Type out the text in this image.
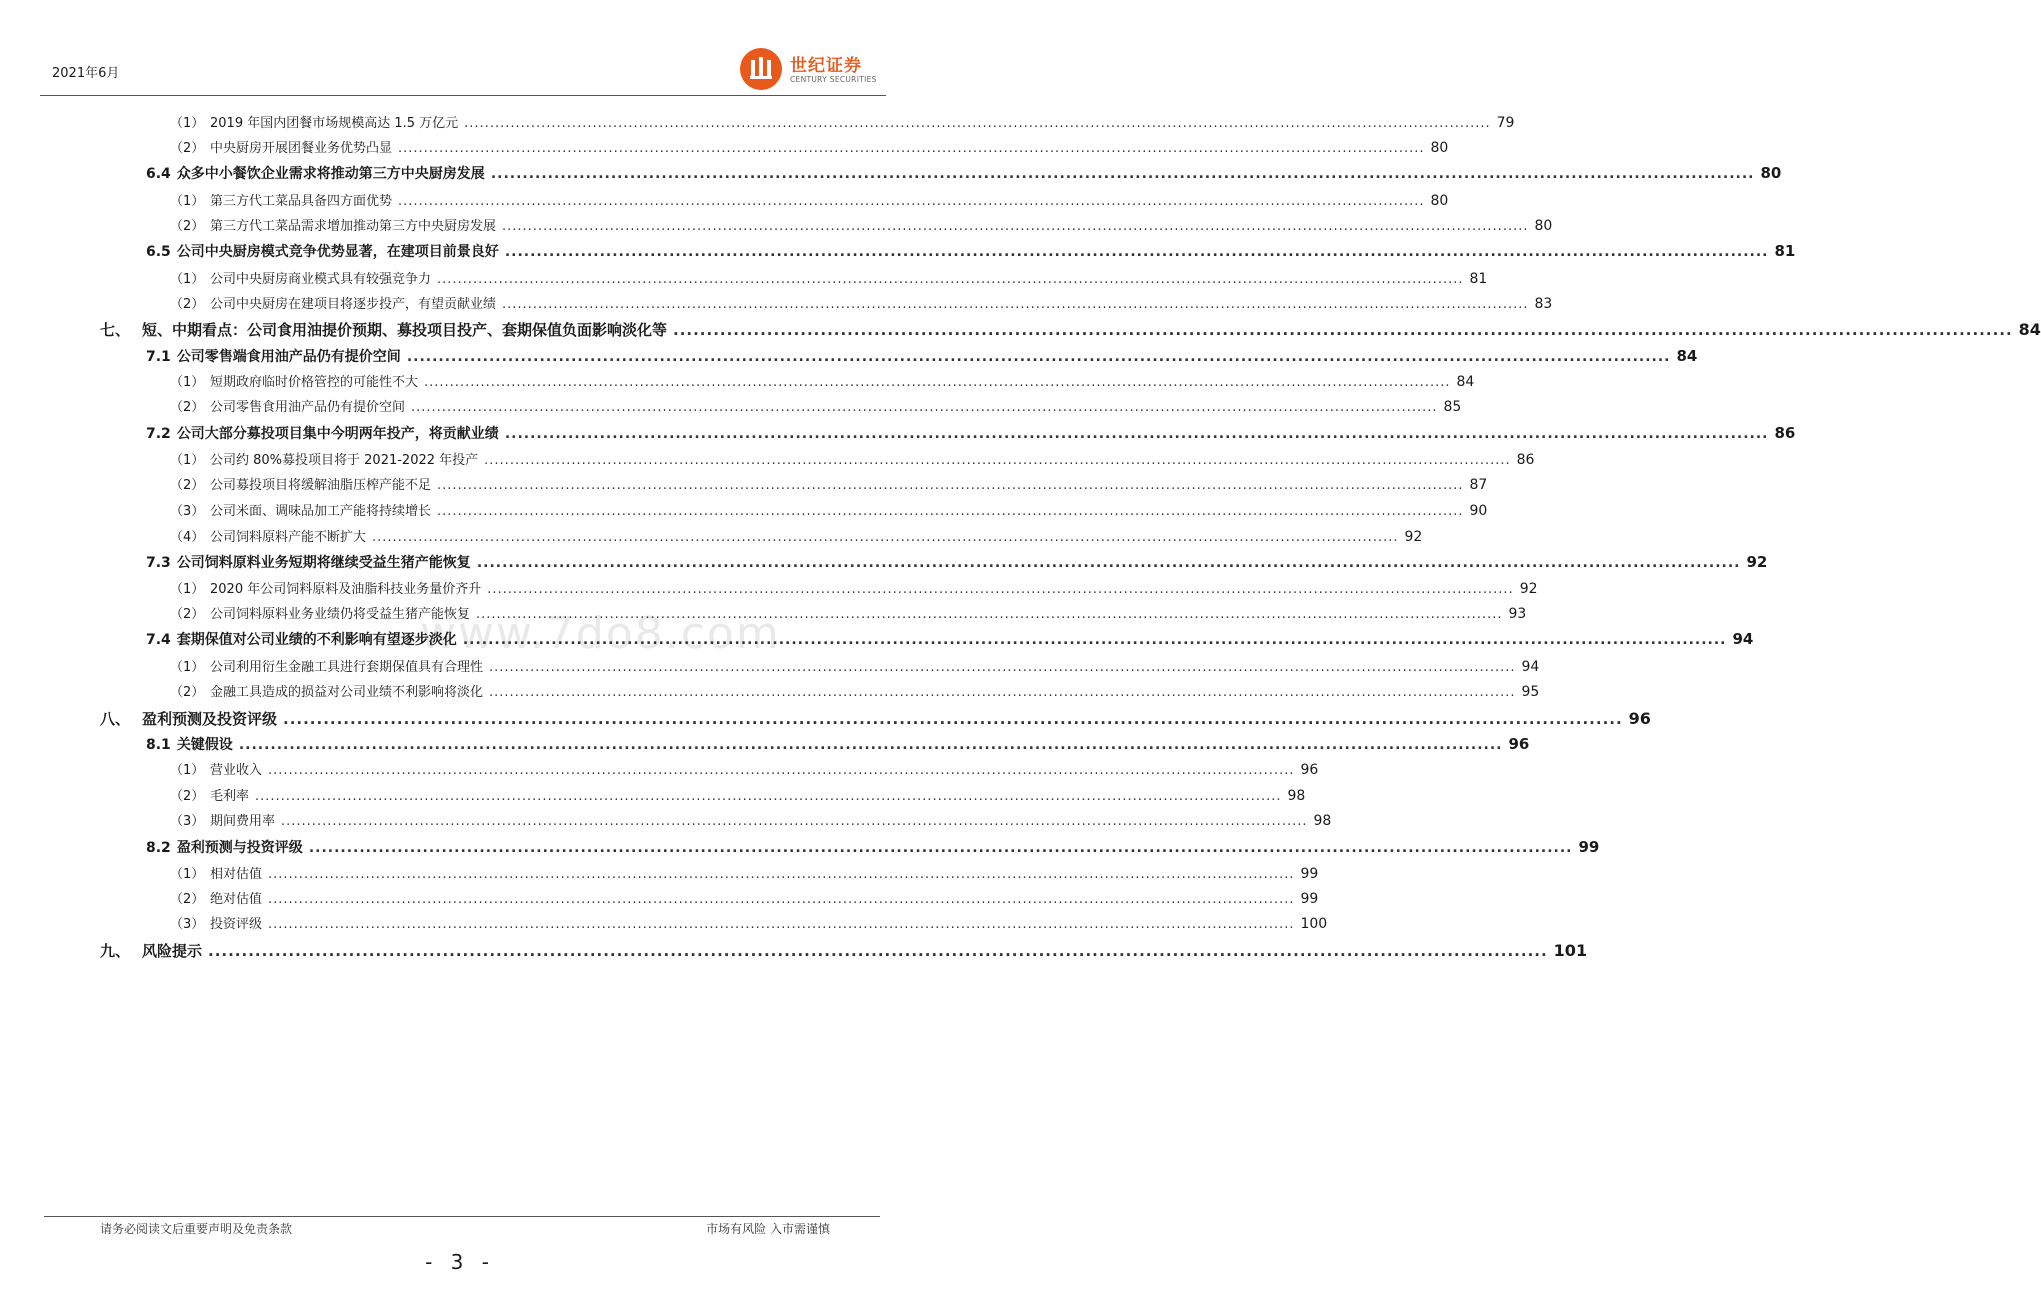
2021年6月	世纪证券
CENTURY SECURITIES
www.7do8.com
（1） 2019 年国内团餐市场规模高达 1.5 万亿元 ........................................................................................................................................................................................................ 79
（2） 中央厨房开展团餐业务优势凸显 ........................................................................................................................................................................................................ 80
6.4 众多中小餐饮企业需求将推动第三方中央厨房发展 ........................................................................................................................................................................................................ 80
（1） 第三方代工菜品具备四方面优势 ........................................................................................................................................................................................................ 80
（2） 第三方代工菜品需求增加推动第三方中央厨房发展 ........................................................................................................................................................................................................ 80
6.5 公司中央厨房模式竞争优势显著，在建项目前景良好 ........................................................................................................................................................................................................ 81
（1） 公司中央厨房商业模式具有较强竞争力 ........................................................................................................................................................................................................ 81
（2） 公司中央厨房在建项目将逐步投产，有望贡献业绩 ........................................................................................................................................................................................................ 83
七、 短、中期看点：公司食用油提价预期、募投项目投产、套期保值负面影响淡化等 ........................................................................................................................................................................................................ 84
7.1 公司零售端食用油产品仍有提价空间 ........................................................................................................................................................................................................ 84
（1） 短期政府临时价格管控的可能性不大 ........................................................................................................................................................................................................ 84
（2） 公司零售食用油产品仍有提价空间 ........................................................................................................................................................................................................ 85
7.2 公司大部分募投项目集中今明两年投产，将贡献业绩 ........................................................................................................................................................................................................ 86
（1） 公司约 80%募投项目将于 2021-2022 年投产 ........................................................................................................................................................................................................ 86
（2） 公司募投项目将缓解油脂压榨产能不足 ........................................................................................................................................................................................................ 87
（3） 公司米面、调味品加工产能将持续增长 ........................................................................................................................................................................................................ 90
（4） 公司饲料原料产能不断扩大 ........................................................................................................................................................................................................ 92
7.3 公司饲料原料业务短期将继续受益生猪产能恢复 ........................................................................................................................................................................................................ 92
（1） 2020 年公司饲料原料及油脂科技业务量价齐升 ........................................................................................................................................................................................................ 92
（2） 公司饲料原料业务业绩仍将受益生猪产能恢复 ........................................................................................................................................................................................................ 93
7.4 套期保值对公司业绩的不利影响有望逐步淡化 ........................................................................................................................................................................................................ 94
（1） 公司利用衍生金融工具进行套期保值具有合理性 ........................................................................................................................................................................................................ 94
（2） 金融工具造成的损益对公司业绩不利影响将淡化 ........................................................................................................................................................................................................ 95
八、 盈利预测及投资评级 ........................................................................................................................................................................................................ 96
8.1 关键假设 ........................................................................................................................................................................................................ 96
（1） 营业收入 ........................................................................................................................................................................................................ 96
（2） 毛利率 ........................................................................................................................................................................................................ 98
（3） 期间费用率 ........................................................................................................................................................................................................ 98
8.2 盈利预测与投资评级 ........................................................................................................................................................................................................ 99
（1） 相对估值 ........................................................................................................................................................................................................ 99
（2） 绝对估值 ........................................................................................................................................................................................................ 99
（3） 投资评级 ........................................................................................................................................................................................................ 100
九、 风险提示 ........................................................................................................................................................................................................ 101
请务必阅读文后重要声明及免责条款	市场有风险 入市需谨慎
- 3 -
